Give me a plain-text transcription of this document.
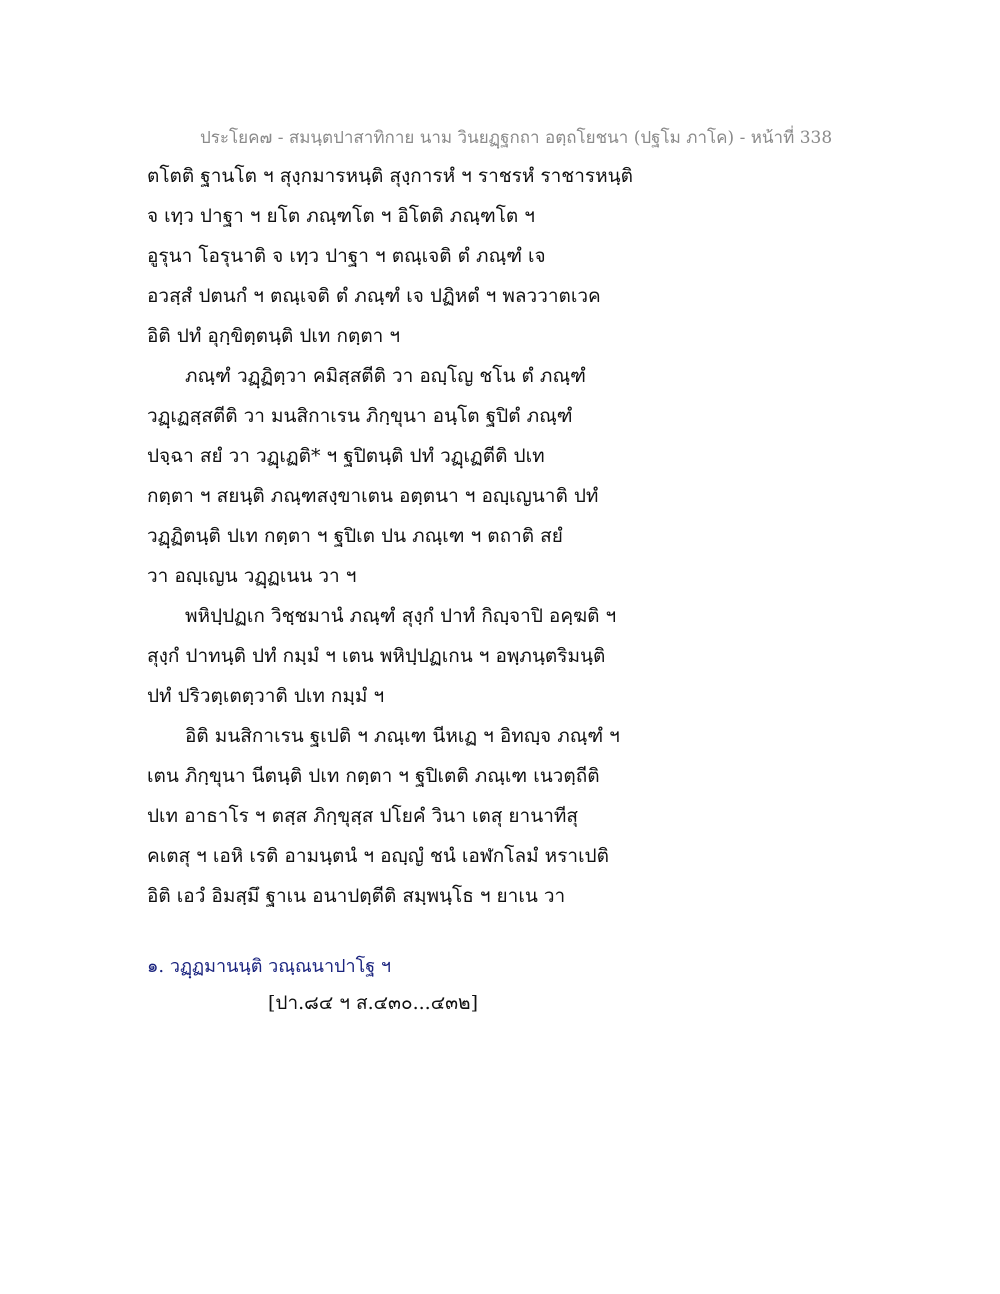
ประโยค๗ - สมนฺตปาสาทิกาย นาม วินยฏฺฐกถา อตฺถโยชนา (ปฐโม ภาโค) - หน้าที่ 338
ตโตติ ฐานโต ฯ สุงฺกมารหนฺติ สุงฺการหํ ฯ ราชรหํ ราชารหนฺติ
จ เทฺว ปาฐา ฯ ยโต ภณฺฑโต ฯ อิโตติ ภณฺฑโต ฯ
อูรุนา โอรุนาติ จ เทฺว ปาฐา ฯ ตณฺเจติ ตํ ภณฺฑํ เจ
อวสฺสํ ปตนกํ ฯ ตณฺเจติ ตํ ภณฺฑํ เจ ปฏิหตํ ฯ พลววาตเวค
อิติ ปทํ อุกฺขิตฺตนฺติ ปเท กตฺตา ฯ
ภณฺฑํ วฏฺฏิตฺวา คมิสฺสตีติ วา อญฺโญ ชโน ตํ ภณฺฑํ
วฏฺเฏสฺสตีติ วา มนสิกาเรน ภิกฺขุนา อนฺโต ฐปิตํ ภณฺฑํ
ปจฺฉา สยํ วา วฏฺเฏติ* ฯ ฐปิตนฺติ ปทํ วฏฺเฏตีติ ปเท
กตฺตา ฯ สยนฺติ ภณฺฑสงฺขาเตน อตฺตนา ฯ อญฺเญนาติ ปทํ
วฏฺฏิตนฺติ ปเท กตฺตา ฯ ฐปิเต ปน ภณฺเฑ ฯ ตถาติ สยํ
วา อญฺเญน วฏฺฏเนน วา ฯ
พหิปฺปฏเก วิชฺชมานํ ภณฺฑํ สุงฺกํ ปาทํ กิญฺจาปิ อคฺฆติ ฯ
สุงฺกํ ปาทนฺติ ปทํ กมฺมํ ฯ เตน พหิปฺปฏเกน ฯ อพฺภนฺตริมนฺติ
ปทํ ปริวตฺเตตฺวาติ ปเท กมฺมํ ฯ
อิติ มนสิกาเรน ฐเปติ ฯ ภณฺเฑ นีหเฏ ฯ อิทญฺจ ภณฺฑํ ฯ
เตน ภิกฺขุนา นีตนฺติ ปเท กตฺตา ฯ ฐปิเตติ ภณฺเฑ เนวตฺถีติ
ปเท อาธาโร ฯ ตสฺส ภิกฺขุสฺส ปโยคํ วินา เตสุ ยานาทีสุ
คเตสุ ฯ เอหิ เรติ อามนฺตนํ ฯ อญฺญํ ชนํ เอฬกโลมํ หราเปติ
อิติ เอวํ อิมสฺมึ ฐาเน อนาปตฺตีติ สมฺพนฺโธ ฯ ยาเน วา
๑. วฏฺฏมานนฺติ วณฺณนาปาโฐ ฯ
[ปา.๘๔ ฯ ส.๔๓๐...๔๓๒]
